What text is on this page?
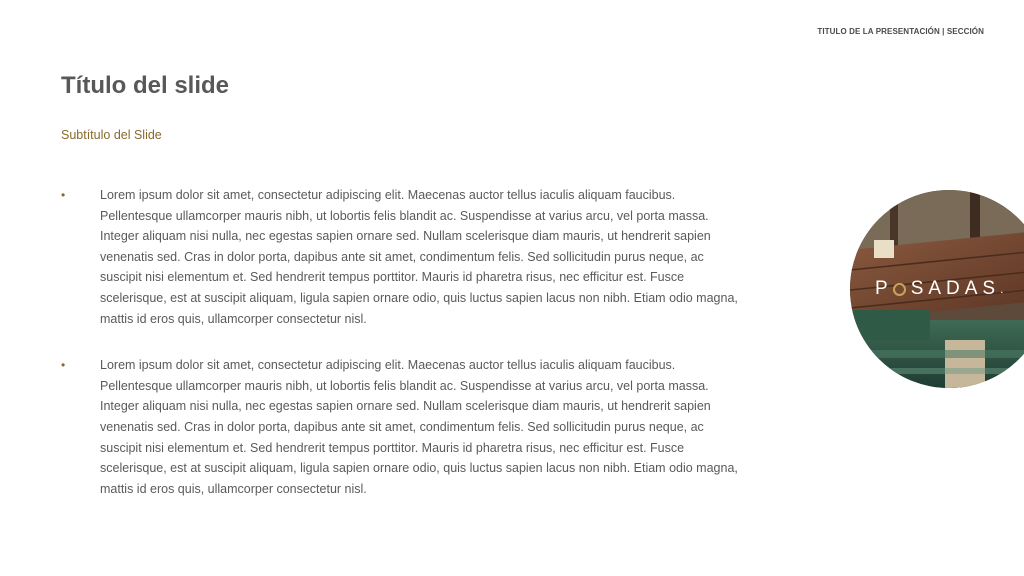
TITULO DE LA PRESENTACIÓN | SECCIÓN
Título del slide

Subtítulo del Slide

•	Lorem ipsum dolor sit amet, consectetur adipiscing elit. Maecenas auctor tellus iaculis aliquam faucibus. Pellentesque ullamcorper mauris nibh, ut lobortis felis blandit ac. Suspendisse at varius arcu, vel porta massa. Integer aliquam nisi nulla, nec egestas sapien ornare sed. Nullam scelerisque diam mauris, ut hendrerit sapien venenatis sed. Cras in dolor porta, dapibus ante sit amet, condimentum felis. Sed sollicitudin purus neque, ac suscipit nisi elementum et. Sed hendrerit tempus porttitor. Mauris id pharetra risus, nec efficitur est. Fusce scelerisque, est at suscipit aliquam, ligula sapien ornare odio, quis luctus sapien lacus non nibh. Etiam odio magna, mattis id eros quis, ullamcorper consectetur nisl.
•	Lorem ipsum dolor sit amet, consectetur adipiscing elit. Maecenas auctor tellus iaculis aliquam faucibus. Pellentesque ullamcorper mauris nibh, ut lobortis felis blandit ac. Suspendisse at varius arcu, vel porta massa. Integer aliquam nisi nulla, nec egestas sapien ornare sed. Nullam scelerisque diam mauris, ut hendrerit sapien venenatis sed. Cras in dolor porta, dapibus ante sit amet, condimentum felis. Sed sollicitudin purus neque, ac suscipit nisi elementum et. Sed hendrerit tempus porttitor. Mauris id pharetra risus, nec efficitur est. Fusce scelerisque, est at suscipit aliquam, ligula sapien ornare odio, quis luctus sapien lacus non nibh. Etiam odio magna, mattis id eros quis, ullamcorper consectetur nisl.
P SADAS .
